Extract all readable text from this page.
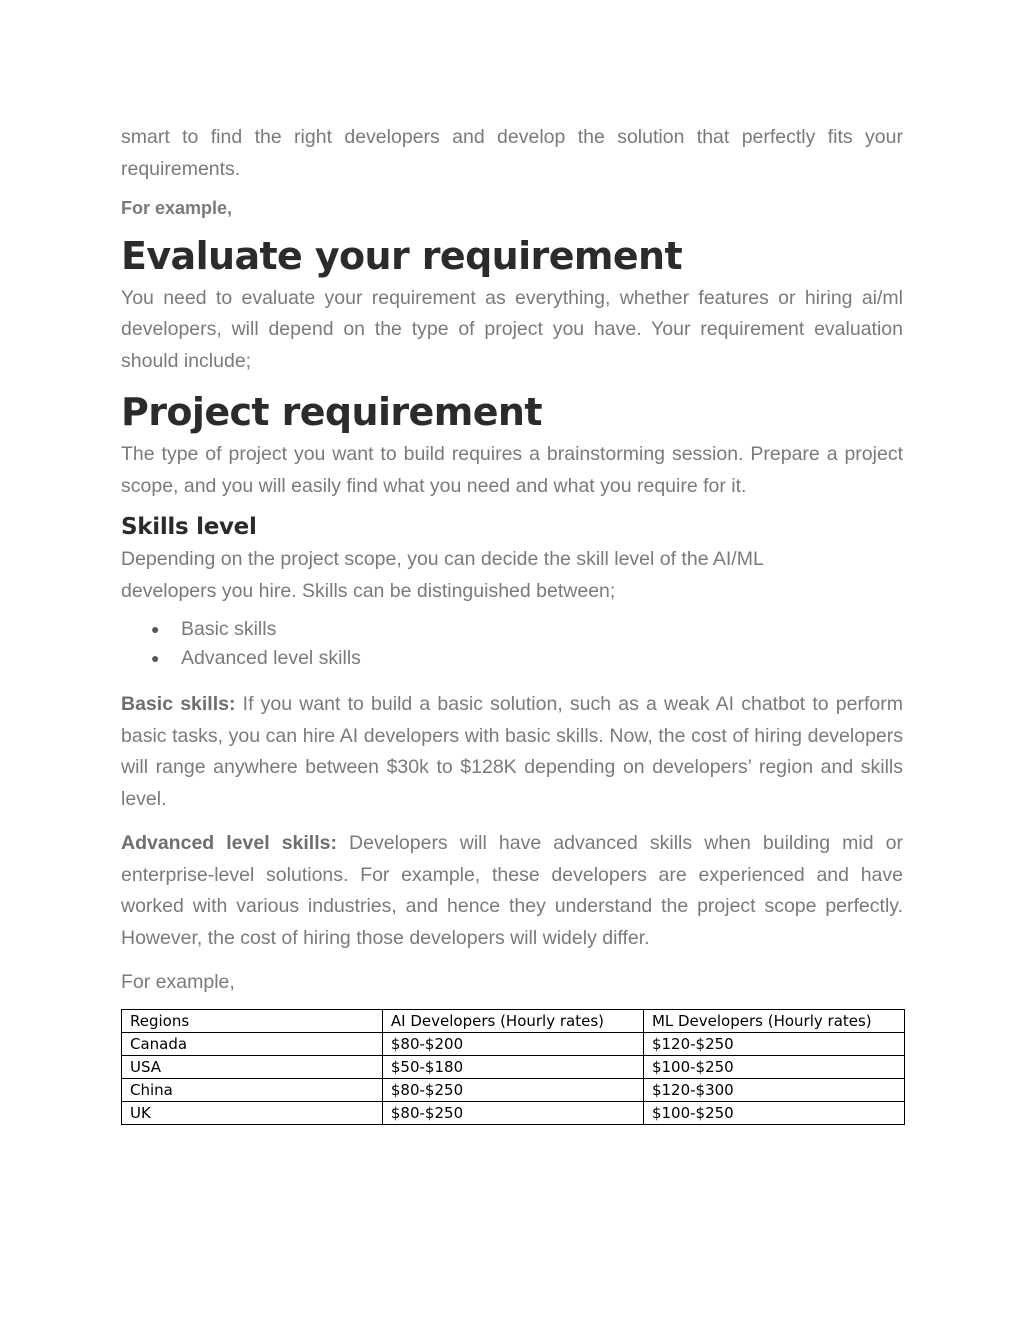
smart to find the right developers and develop the solution that perfectly fits your requirements.

For example,

Evaluate your requirement

You need to evaluate your requirement as everything, whether features or hiring ai/ml developers, will depend on the type of project you have. Your requirement evaluation should include;

Project requirement

The type of project you want to build requires a brainstorming session. Prepare a project scope, and you will easily find what you need and what you require for it.

Skills level

Depending on the project scope, you can decide the skill level of the AI/ML
developers you hire. Skills can be distinguished between;

● Basic skills
● Advanced level skills

Basic skills: If you want to build a basic solution, such as a weak AI chatbot to perform basic tasks, you can hire AI developers with basic skills. Now, the cost of hiring developers will range anywhere between $30k to $128K depending on developers’ region and skills level.

Advanced level skills: Developers will have advanced skills when building mid or enterprise-level solutions. For example, these developers are experienced and have worked with various industries, and hence they understand the project scope perfectly. However, the cost of hiring those developers will widely differ.

For example,

Regions	AI Developers (Hourly rates)	ML Developers (Hourly rates)
Canada	$80-$200	$120-$250
USA	$50-$180	$100-$250
China	$80-$250	$120-$300
UK	$80-$250	$100-$250
